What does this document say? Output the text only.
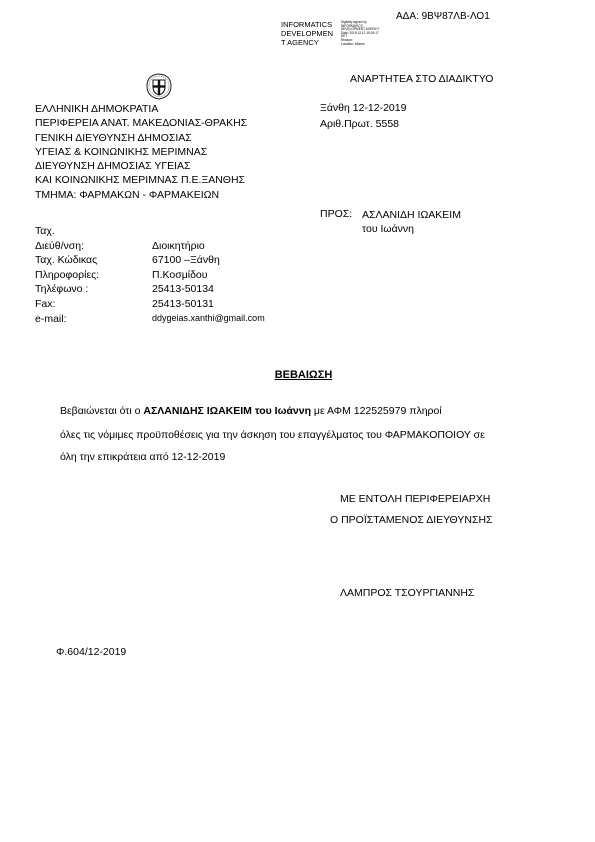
ΑΔΑ: 9ΒΨ87ΛΒ-ΛΟ1
INFORMATICS
DEVELOPMEN
T AGENCY
Digitally signed by
INFORMATICS
DEVELOPMENT AGENCY
Date: 2019.12.12 15:29:17
EET
Reason:
Location: Athens
ΑΝΑΡΤΗΤΕΑ ΣΤΟ ΔΙΑΔΙΚΤΥΟ
ΕΛΛΗΝΙΚΗ ΔΗΜΟΚΡΑΤΙΑ
ΠΕΡΙΦΕΡΕΙΑ ΑΝΑΤ. ΜΑΚΕΔΟΝΙΑΣ-ΘΡΑΚΗΣ
ΓΕΝΙΚΗ ΔΙΕΥΘΥΝΣΗ ΔΗΜΟΣΙΑΣ
ΥΓΕΙΑΣ & ΚΟΙΝΩΝΙΚΗΣ ΜΕΡΙΜΝΑΣ
ΔΙΕΥΘΥΝΣΗ ΔΗΜΟΣΙΑΣ ΥΓΕΙΑΣ
ΚΑΙ ΚΟΙΝΩΝΙΚΗΣ ΜΕΡΙΜΝΑΣ Π.Ε.ΞΑΝΘΗΣ
ΤΜΗΜΑ: ΦΑΡΜΑΚΩΝ - ΦΑΡΜΑΚΕΙΩΝ
Ξάνθη 12-12-2019
Αριθ.Πρωτ. 5558
ΠΡΟΣ: ΑΣΛΑΝΙΔΗ ΙΩΑΚΕΙΜ
του Ιωάννη
Ταχ.	
Διεύθ/νση:	Διοικητήριο
Ταχ. Κώδικας	67100 –Ξάνθη
Πληροφορίες:	Π.Κοσμίδου
Τηλέφωνο :	25413-50134
Fax:	25413-50131
e-mail:	ddygeias.xanthi@gmail.com
ΒΕΒΑΙΩΣΗ
Βεβαιώνεται ότι ο ΑΣΛΑΝΙΔΗΣ ΙΩΑΚΕΙΜ του Ιωάννη με ΑΦΜ 122525979 πληροί
όλες τις νόμιμες προϋποθέσεις για την άσκηση του επαγγέλματος του ΦΑΡΜΑΚΟΠΟΙΟΥ σε
όλη την επικράτεια από 12-12-2019
ΜΕ ΕΝΤΟΛΗ ΠΕΡΙΦΕΡΕΙΑΡΧΗ
Ο ΠΡΟΪΣΤΑΜΕΝΟΣ ΔΙΕΥΘΥΝΣΗΣ
ΛΑΜΠΡΟΣ ΤΣΟΥΡΓΙΑΝΝΗΣ
Φ.604/12-2019
